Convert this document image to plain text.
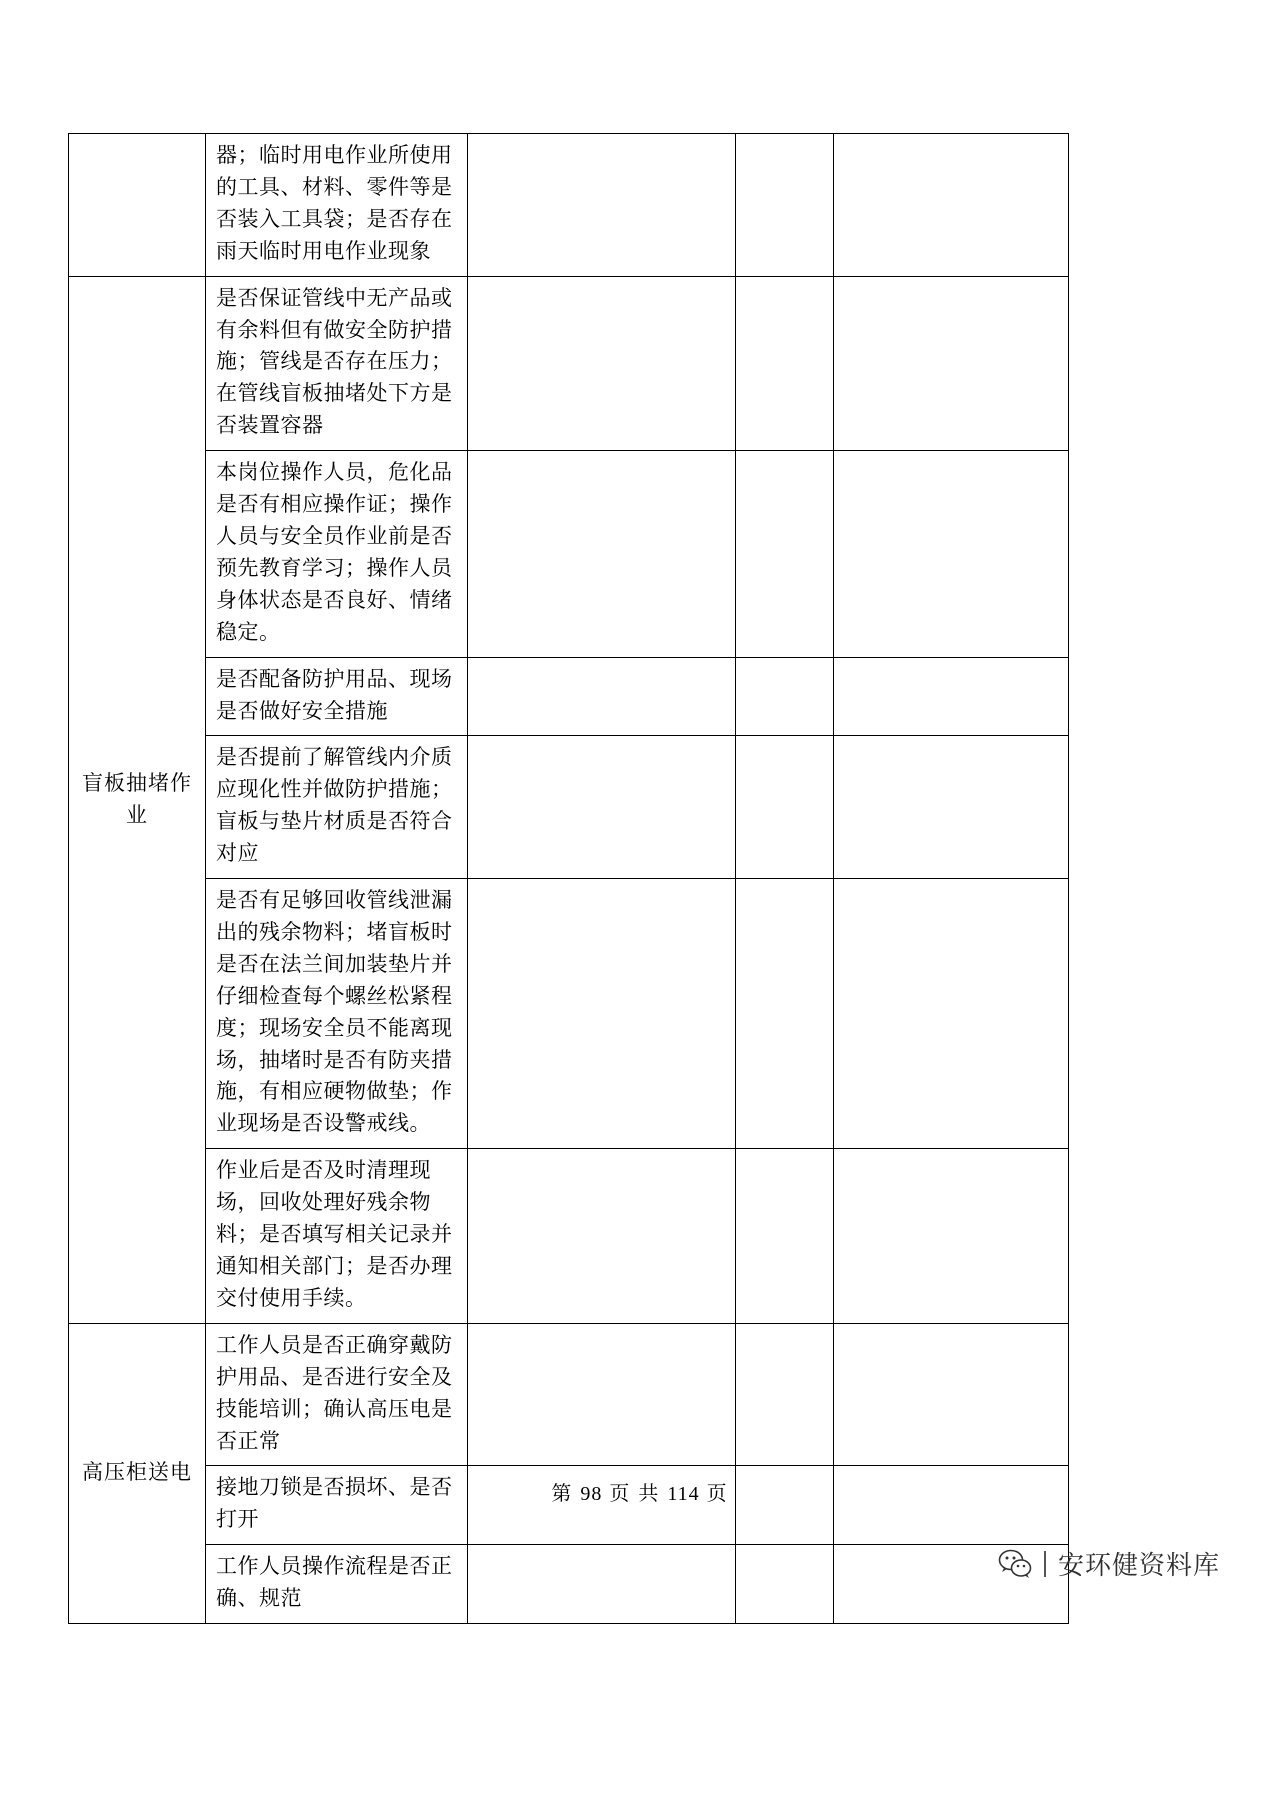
	器；临时用电作业所使用的工具、材料、零件等是否装入工具袋；是否存在雨天临时用电作业现象			
盲板抽堵作业	是否保证管线中无产品或有余料但有做安全防护措施；管线是否存在压力；在管线盲板抽堵处下方是否装置容器			
	本岗位操作人员，危化品是否有相应操作证；操作人员与安全员作业前是否预先教育学习；操作人员身体状态是否良好、情绪稳定。			
	是否配备防护用品、现场是否做好安全措施			
	是否提前了解管线内介质应现化性并做防护措施；盲板与垫片材质是否符合对应			
	是否有足够回收管线泄漏出的残余物料；堵盲板时是否在法兰间加装垫片并仔细检查每个螺丝松紧程度；现场安全员不能离现场，抽堵时是否有防夹措施，有相应硬物做垫；作业现场是否设警戒线。			
	作业后是否及时清理现场，回收处理好残余物料；是否填写相关记录并通知相关部门；是否办理交付使用手续。			
高压柜送电	工作人员是否正确穿戴防护用品、是否进行安全及技能培训；确认高压电是否正常			
	接地刀锁是否损坏、是否打开			
	工作人员操作流程是否正确、规范			
第 98 页 共 114 页
安环健资料库
